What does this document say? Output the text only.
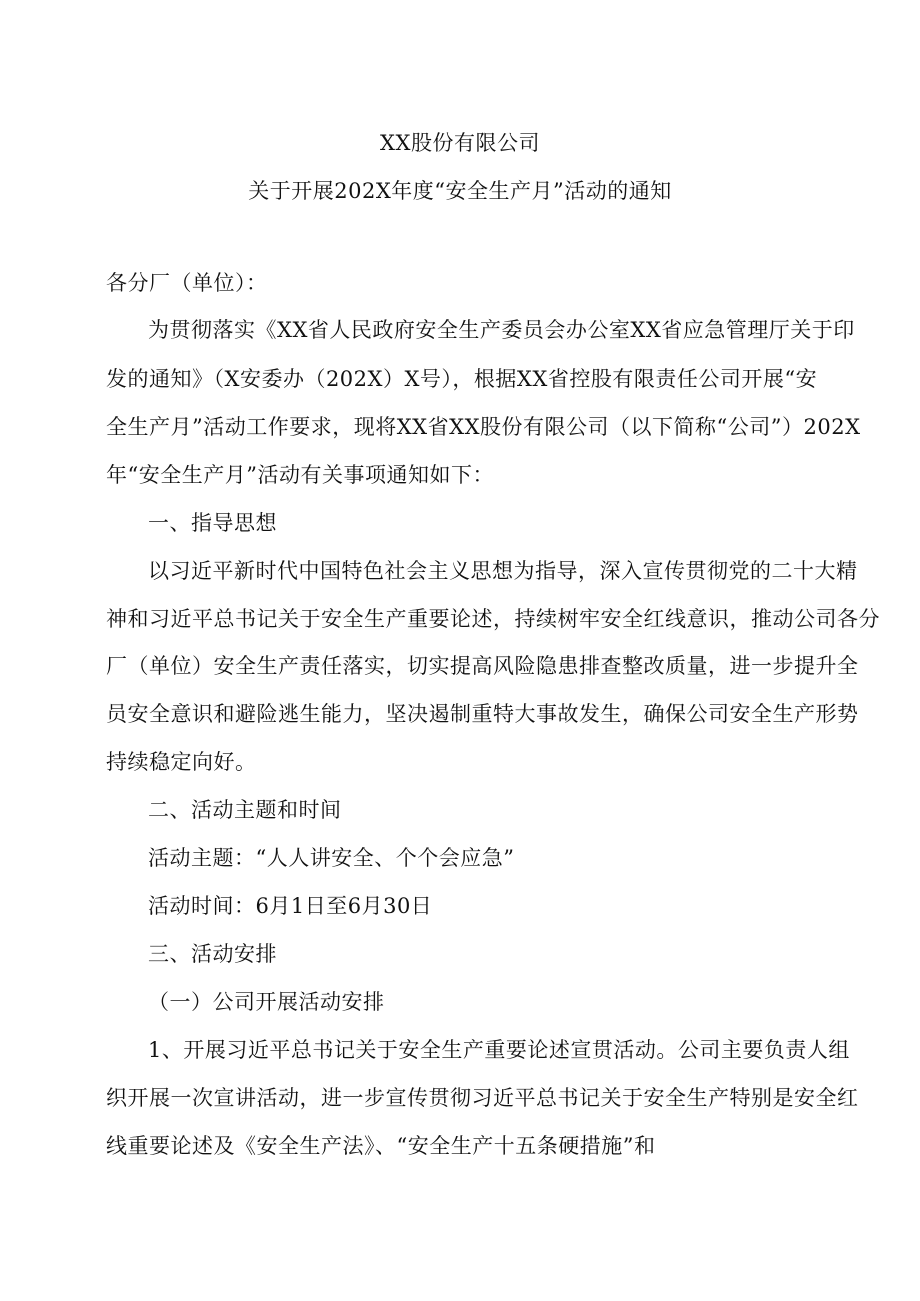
XX股份有限公司
关于开展202X年度“安全生产月”活动的通知
各分厂（单位）：
为贯彻落实《XX省人民政府安全生产委员会办公室XX省应急管理厅关于印
发的通知》（X安委办（202X）X号），根据XX省控股有限责任公司开展“安
全生产月”活动工作要求，现将XX省XX股份有限公司（以下简称“公司”）202X
年“安全生产月”活动有关事项通知如下：
一、指导思想
以习近平新时代中国特色社会主义思想为指导，深入宣传贯彻党的二十大精
神和习近平总书记关于安全生产重要论述，持续树牢安全红线意识，推动公司各分
厂（单位）安全生产责任落实，切实提高风险隐患排查整改质量，进一步提升全
员安全意识和避险逃生能力，坚决遏制重特大事故发生，确保公司安全生产形势
持续稳定向好。
二、活动主题和时间
活动主题：“人人讲安全、个个会应急”
活动时间：6月1日至6月30日
三、活动安排
（一）公司开展活动安排
1、开展习近平总书记关于安全生产重要论述宣贯活动。公司主要负责人组
织开展一次宣讲活动，进一步宣传贯彻习近平总书记关于安全生产特别是安全红
线重要论述及《安全生产法》、“安全生产十五条硬措施”和
